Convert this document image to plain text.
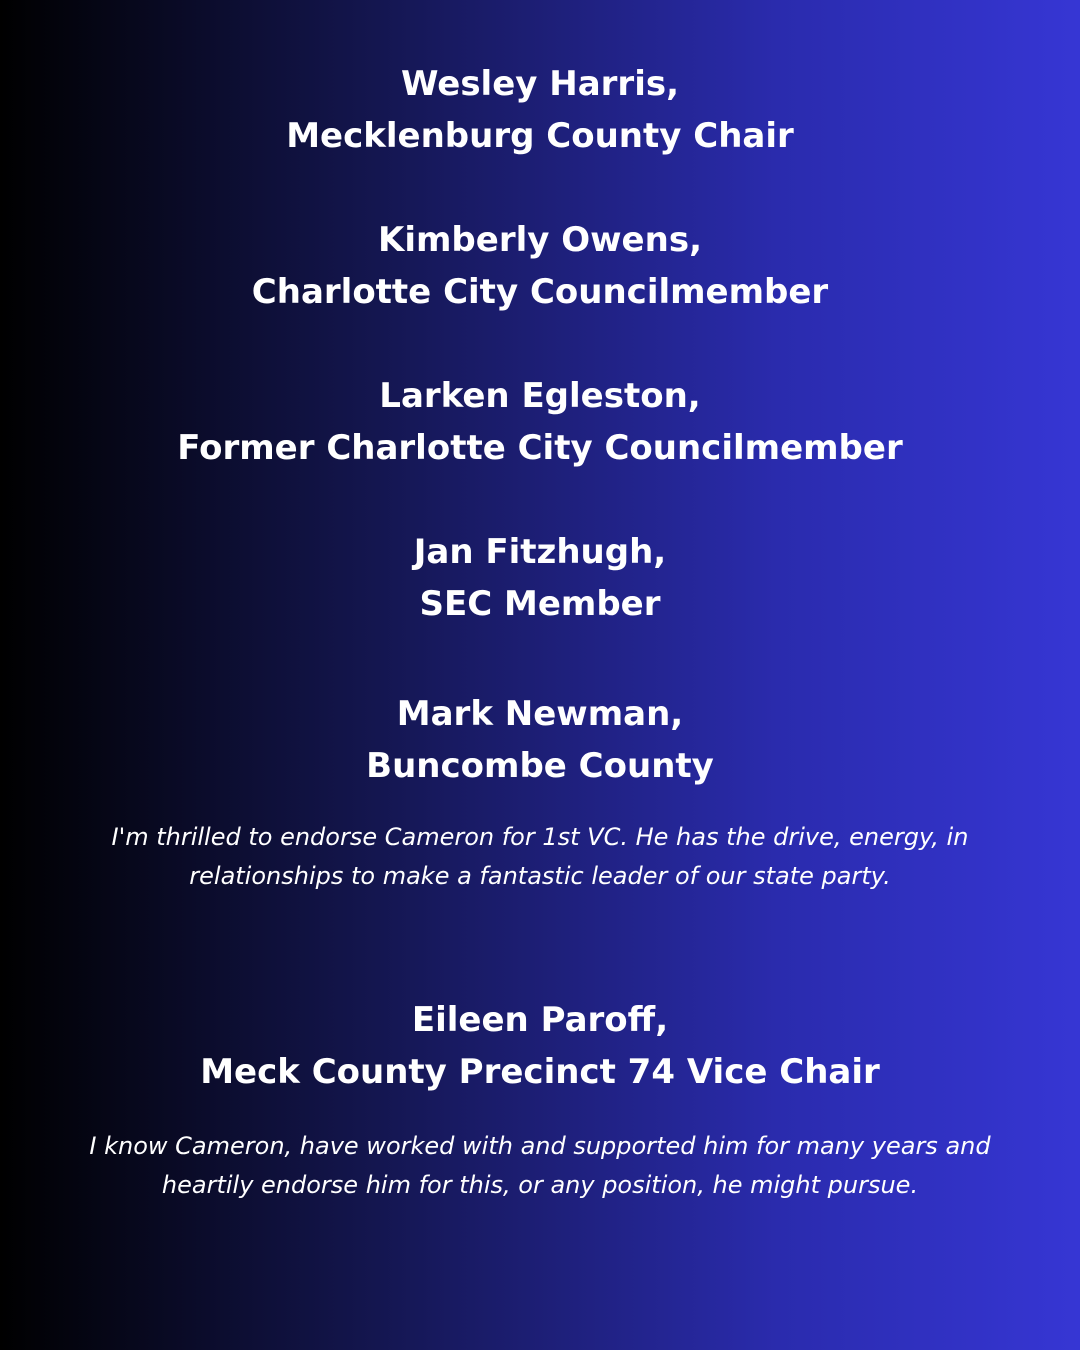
Wesley Harris,
Mecklenburg County Chair
Kimberly Owens,
Charlotte City Councilmember
Larken Egleston,
Former Charlotte City Councilmember
Jan Fitzhugh,
SEC Member
Mark Newman,
Buncombe County
I'm thrilled to endorse Cameron for 1st VC. He has the drive, energy, in relationships to make a fantastic leader of our state party.
Eileen Paroff,
Meck County Precinct 74 Vice Chair
I know Cameron, have worked with and supported him for many years and heartily endorse him for this, or any position, he might pursue.
